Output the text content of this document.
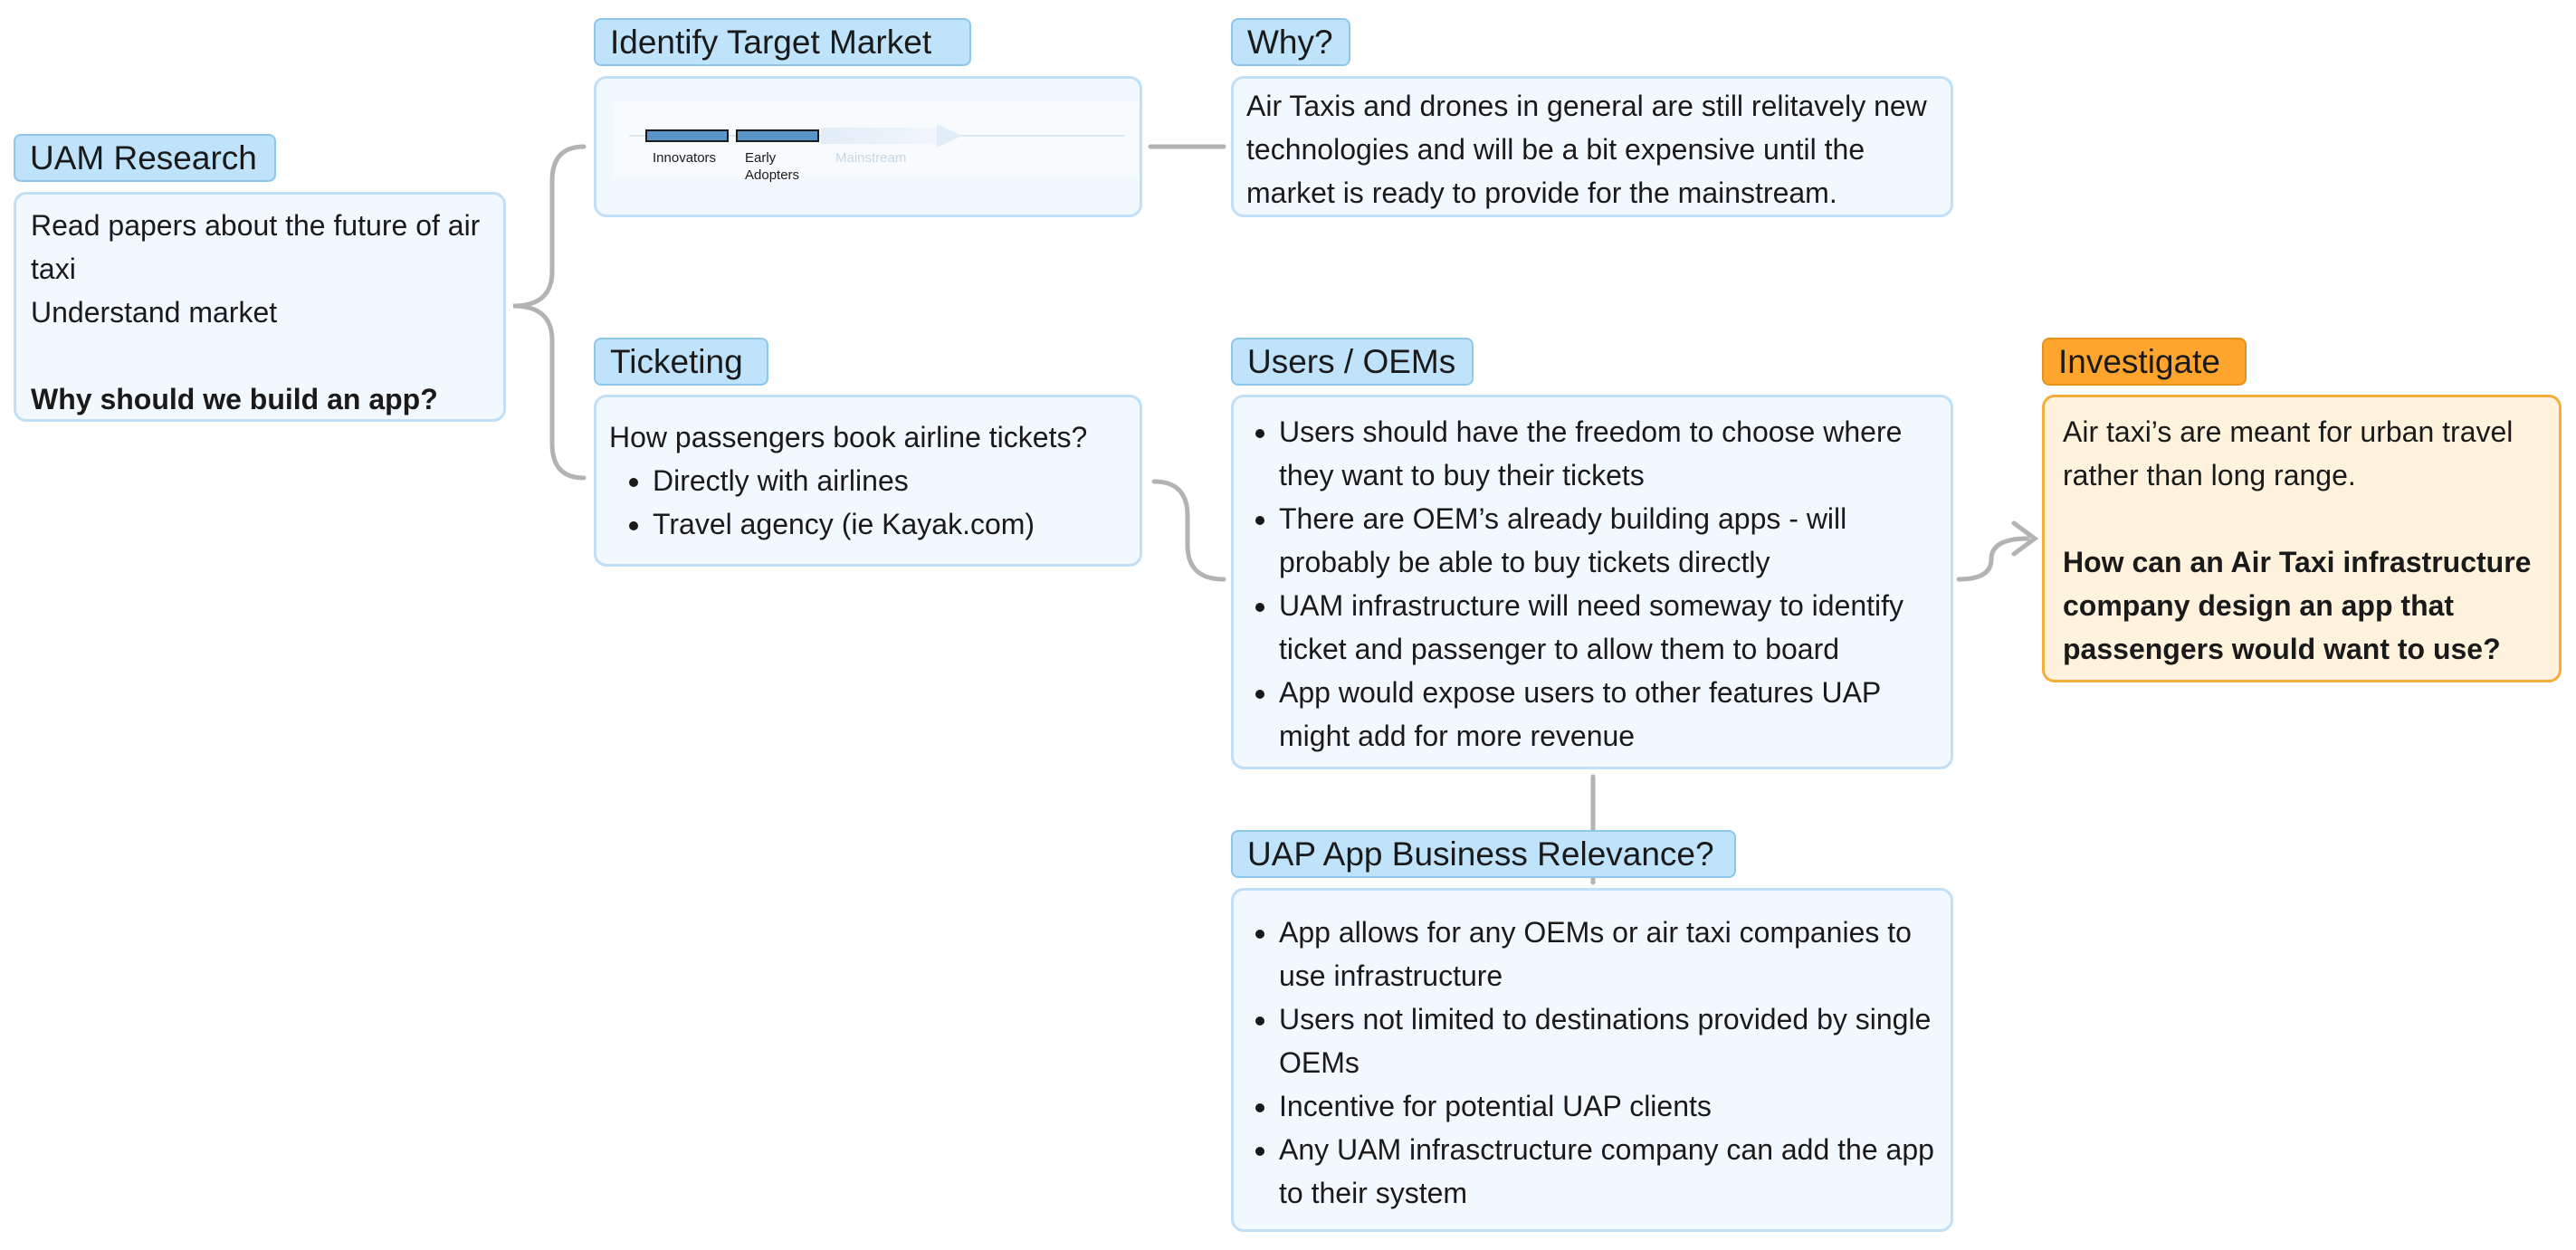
UAM Research

Read papers about the future of air taxi

Understand market

Why should we build an app?

Identify Target Market
Innovators Early Adopters
Mainstream
Why?

Air Taxis and drones in general are still relitavely new technologies and will be a bit expensive until the market is ready to provide for the mainstream.

Ticketing

How passengers book airline tickets?

• Directly with airlines
• Travel agency (ie Kayak.com)
Users / OEMs
• Users should have the freedom to choose where they want to buy their tickets
• There are OEM’s already building apps - will probably be able to buy tickets directly
• UAM infrastructure will need someway to identify ticket and passenger to allow them to board
• App would expose users to other features UAP might add for more revenue
UAP App Business Relevance?
• App allows for any OEMs or air taxi companies to use infrastructure
• Users not limited to destinations provided by single OEMs
• Incentive for potential UAP clients
• Any UAM infrasctructure company can add the app to their system
Investigate

Air taxi’s are meant for urban travel rather than long range.

How can an Air Taxi infrastructure company design an app that passengers would want to use?
